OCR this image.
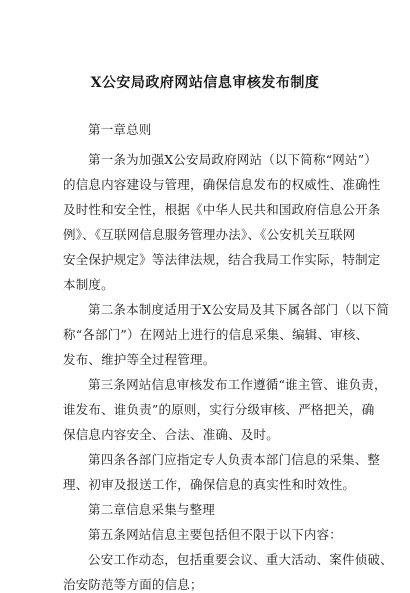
X公安局政府网站信息审核发布制度

第一章总则

第一条为加强X公安局政府网站（以下简称“网站”）

的信息内容建设与管理，确保信息发布的权威性、准确性

及时性和安全性，根据《中华人民共和国政府信息公开条

例》、《互联网信息服务管理办法》、《公安机关互联网

安全保护规定》等法律法规，结合我局工作实际，特制定

本制度。

第二条本制度适用于X公安局及其下属各部门（以下简

称“各部门”）在网站上进行的信息采集、编辑、审核、

发布、维护等全过程管理。

第三条网站信息审核发布工作遵循“谁主管、谁负责，

谁发布、谁负责”的原则，实行分级审核、严格把关，确

保信息内容安全、合法、准确、及时。

第四条各部门应指定专人负责本部门信息的采集、整

理、初审及报送工作，确保信息的真实性和时效性。

第二章信息采集与整理

第五条网站信息主要包括但不限于以下内容：

公安工作动态，包括重要会议、重大活动、案件侦破、

治安防范等方面的信息；
